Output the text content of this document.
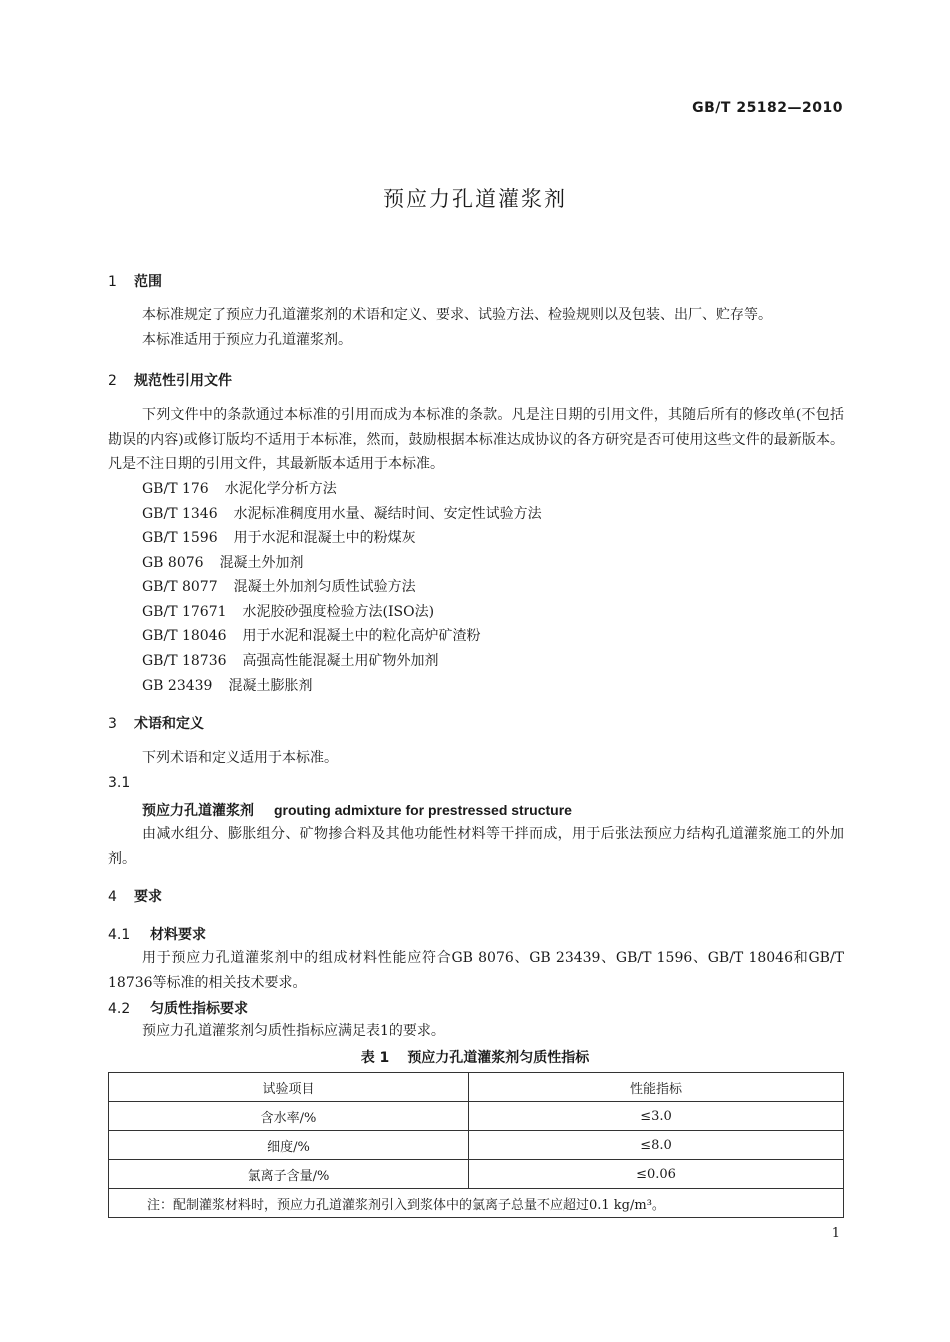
GB/T 25182—2010
预应力孔道灌浆剂
1 范围
本标准规定了预应力孔道灌浆剂的术语和定义、要求、试验方法、检验规则以及包装、出厂、贮存等。
本标准适用于预应力孔道灌浆剂。
2 规范性引用文件
下列文件中的条款通过本标准的引用而成为本标准的条款。凡是注日期的引用文件，其随后所有的修改单(不包括勘误的内容)或修订版均不适用于本标准，然而，鼓励根据本标准达成协议的各方研究是否可使用这些文件的最新版本。凡是不注日期的引用文件，其最新版本适用于本标准。
GB/T 176 水泥化学分析方法
GB/T 1346 水泥标准稠度用水量、凝结时间、安定性试验方法
GB/T 1596 用于水泥和混凝土中的粉煤灰
GB 8076 混凝土外加剂
GB/T 8077 混凝土外加剂匀质性试验方法
GB/T 17671 水泥胶砂强度检验方法(ISO法)
GB/T 18046 用于水泥和混凝土中的粒化高炉矿渣粉
GB/T 18736 高强高性能混凝土用矿物外加剂
GB 23439 混凝土膨胀剂
3 术语和定义
下列术语和定义适用于本标准。
3.1
预应力孔道灌浆剂 grouting admixture for prestressed structure
由减水组分、膨胀组分、矿物掺合料及其他功能性材料等干拌而成，用于后张法预应力结构孔道灌浆施工的外加剂。
4 要求
4.1 材料要求
用于预应力孔道灌浆剂中的组成材料性能应符合GB 8076、GB 23439、GB/T 1596、GB/T 18046和GB/T 18736等标准的相关技术要求。
4.2 匀质性指标要求
预应力孔道灌浆剂匀质性指标应满足表1的要求。
表 1 预应力孔道灌浆剂匀质性指标
试验项目	性能指标
含水率/%	≤3.0
细度/%	≤8.0
氯离子含量/%	≤0.06
注：配制灌浆材料时，预应力孔道灌浆剂引入到浆体中的氯离子总量不应超过0.1 kg/m³。	
1
